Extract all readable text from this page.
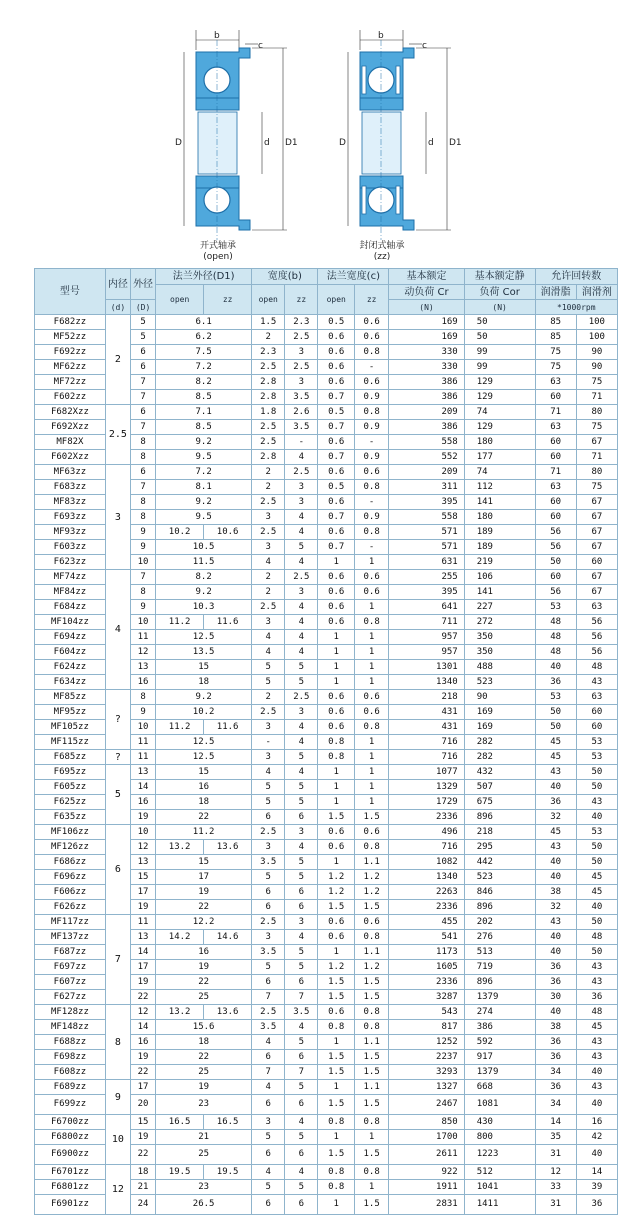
b
c
D	d D1
b
c
D	d D1
开式轴承
(open)
封闭式轴承
(zz)
型号	内径	外径	法兰外径(D1)		宽度(b)		法兰宽度(c)		基本额定	基本额定静	允许回转数	
			open	zz	open	zz	open	zz	动负荷 Cr	负荷 Cor	润滑脂	润滑剂
	(d)	(D)							(N)	(N)	*1000rpm	
F682zz	2	5	6.1		1.5	2.3	0.5	0.6	169	50	85	100
MF52zz		5	6.2		2	2.5	0.6	0.6	169	50	85	100
F692zz		6	7.5		2.3	3	0.6	0.8	330	99	75	90
MF62zz		6	7.2		2.5	2.5	0.6	-	330	99	75	90
MF72zz		7	8.2		2.8	3	0.6	0.6	386	129	63	75
F602zz		7	8.5		2.8	3.5	0.7	0.9	386	129	60	71
F682Xzz	2.5	6	7.1		1.8	2.6	0.5	0.8	209	74	71	80
F692Xzz		7	8.5		2.5	3.5	0.7	0.9	386	129	63	75
MF82X		8	9.2		2.5	-	0.6	-	558	180	60	67
F602Xzz		8	9.5		2.8	4	0.7	0.9	552	177	60	71
MF63zz	3	6	7.2		2	2.5	0.6	0.6	209	74	71	80
F683zz		7	8.1		2	3	0.5	0.8	311	112	63	75
MF83zz		8	9.2		2.5	3	0.6	-	395	141	60	67
F693zz		8	9.5		3	4	0.7	0.9	558	180	60	67
MF93zz		9	10.2	10.6	2.5	4	0.6	0.8	571	189	56	67
F603zz		9	10.5		3	5	0.7	-	571	189	56	67
F623zz		10	11.5		4	4	1	1	631	219	50	60
MF74zz	4	7	8.2		2	2.5	0.6	0.6	255	106	60	67
MF84zz		8	9.2		2	3	0.6	0.6	395	141	56	67
F684zz		9	10.3		2.5	4	0.6	1	641	227	53	63
MF104zz		10	11.2	11.6	3	4	0.6	0.8	711	272	48	56
F694zz		11	12.5		4	4	1	1	957	350	48	56
F604zz		12	13.5		4	4	1	1	957	350	48	56
F624zz		13	15		5	5	1	1	1301	488	40	48
F634zz		16	18		5	5	1	1	1340	523	36	43
MF85zz	?	8	9.2		2	2.5	0.6	0.6	218	90	53	63
MF95zz		9	10.2		2.5	3	0.6	0.6	431	169	50	60
MF105zz		10	11.2	11.6	3	4	0.6	0.8	431	169	50	60
MF115zz		11	12.5		-	4	0.8	1	716	282	45	53
F685zz	?	11	12.5		3	5	0.8	1	716	282	45	53
F695zz	5	13	15		4	4	1	1	1077	432	43	50
F605zz		14	16		5	5	1	1	1329	507	40	50
F625zz		16	18		5	5	1	1	1729	675	36	43
F635zz		19	22		6	6	1.5	1.5	2336	896	32	40
MF106zz	6	10	11.2		2.5	3	0.6	0.6	496	218	45	53
MF126zz		12	13.2	13.6	3	4	0.6	0.8	716	295	43	50
F686zz		13	15		3.5	5	1	1.1	1082	442	40	50
F696zz		15	17		5	5	1.2	1.2	1340	523	40	45
F606zz		17	19		6	6	1.2	1.2	2263	846	38	45
F626zz		19	22		6	6	1.5	1.5	2336	896	32	40
MF117zz	7	11	12.2		2.5	3	0.6	0.6	455	202	43	50
MF137zz		13	14.2	14.6	3	4	0.6	0.8	541	276	40	48
F687zz		14	16		3.5	5	1	1.1	1173	513	40	50
F697zz		17	19		5	5	1.2	1.2	1605	719	36	43
F607zz		19	22		6	6	1.5	1.5	2336	896	36	43
F627zz		22	25		7	7	1.5	1.5	3287	1379	30	36
MF128zz	8	12	13.2	13.6	2.5	3.5	0.6	0.8	543	274	40	48
MF148zz		14	15.6		3.5	4	0.8	0.8	817	386	38	45
F688zz		16	18		4	5	1	1.1	1252	592	36	43
F698zz		19	22		6	6	1.5	1.5	2237	917	36	43
F608zz		22	25		7	7	1.5	1.5	3293	1379	34	40
F689zz	9	17	19		4	5	1	1.1	1327	668	36	43
F699zz		20	23		6	6	1.5	1.5	2467	1081	34	40
F6700zz	10	15	16.5	16.5	3	4	0.8	0.8	850	430	14	16
F6800zz		19	21		5	5	1	1	1700	800	35	42
F6900zz		22	25		6	6	1.5	1.5	2611	1223	31	40
F6701zz	12	18	19.5	19.5	4	4	0.8	0.8	922	512	12	14
F6801zz		21	23		5	5	0.8	1	1911	1041	33	39
F6901zz		24	26.5		6	6	1	1.5	2831	1411	31	36
